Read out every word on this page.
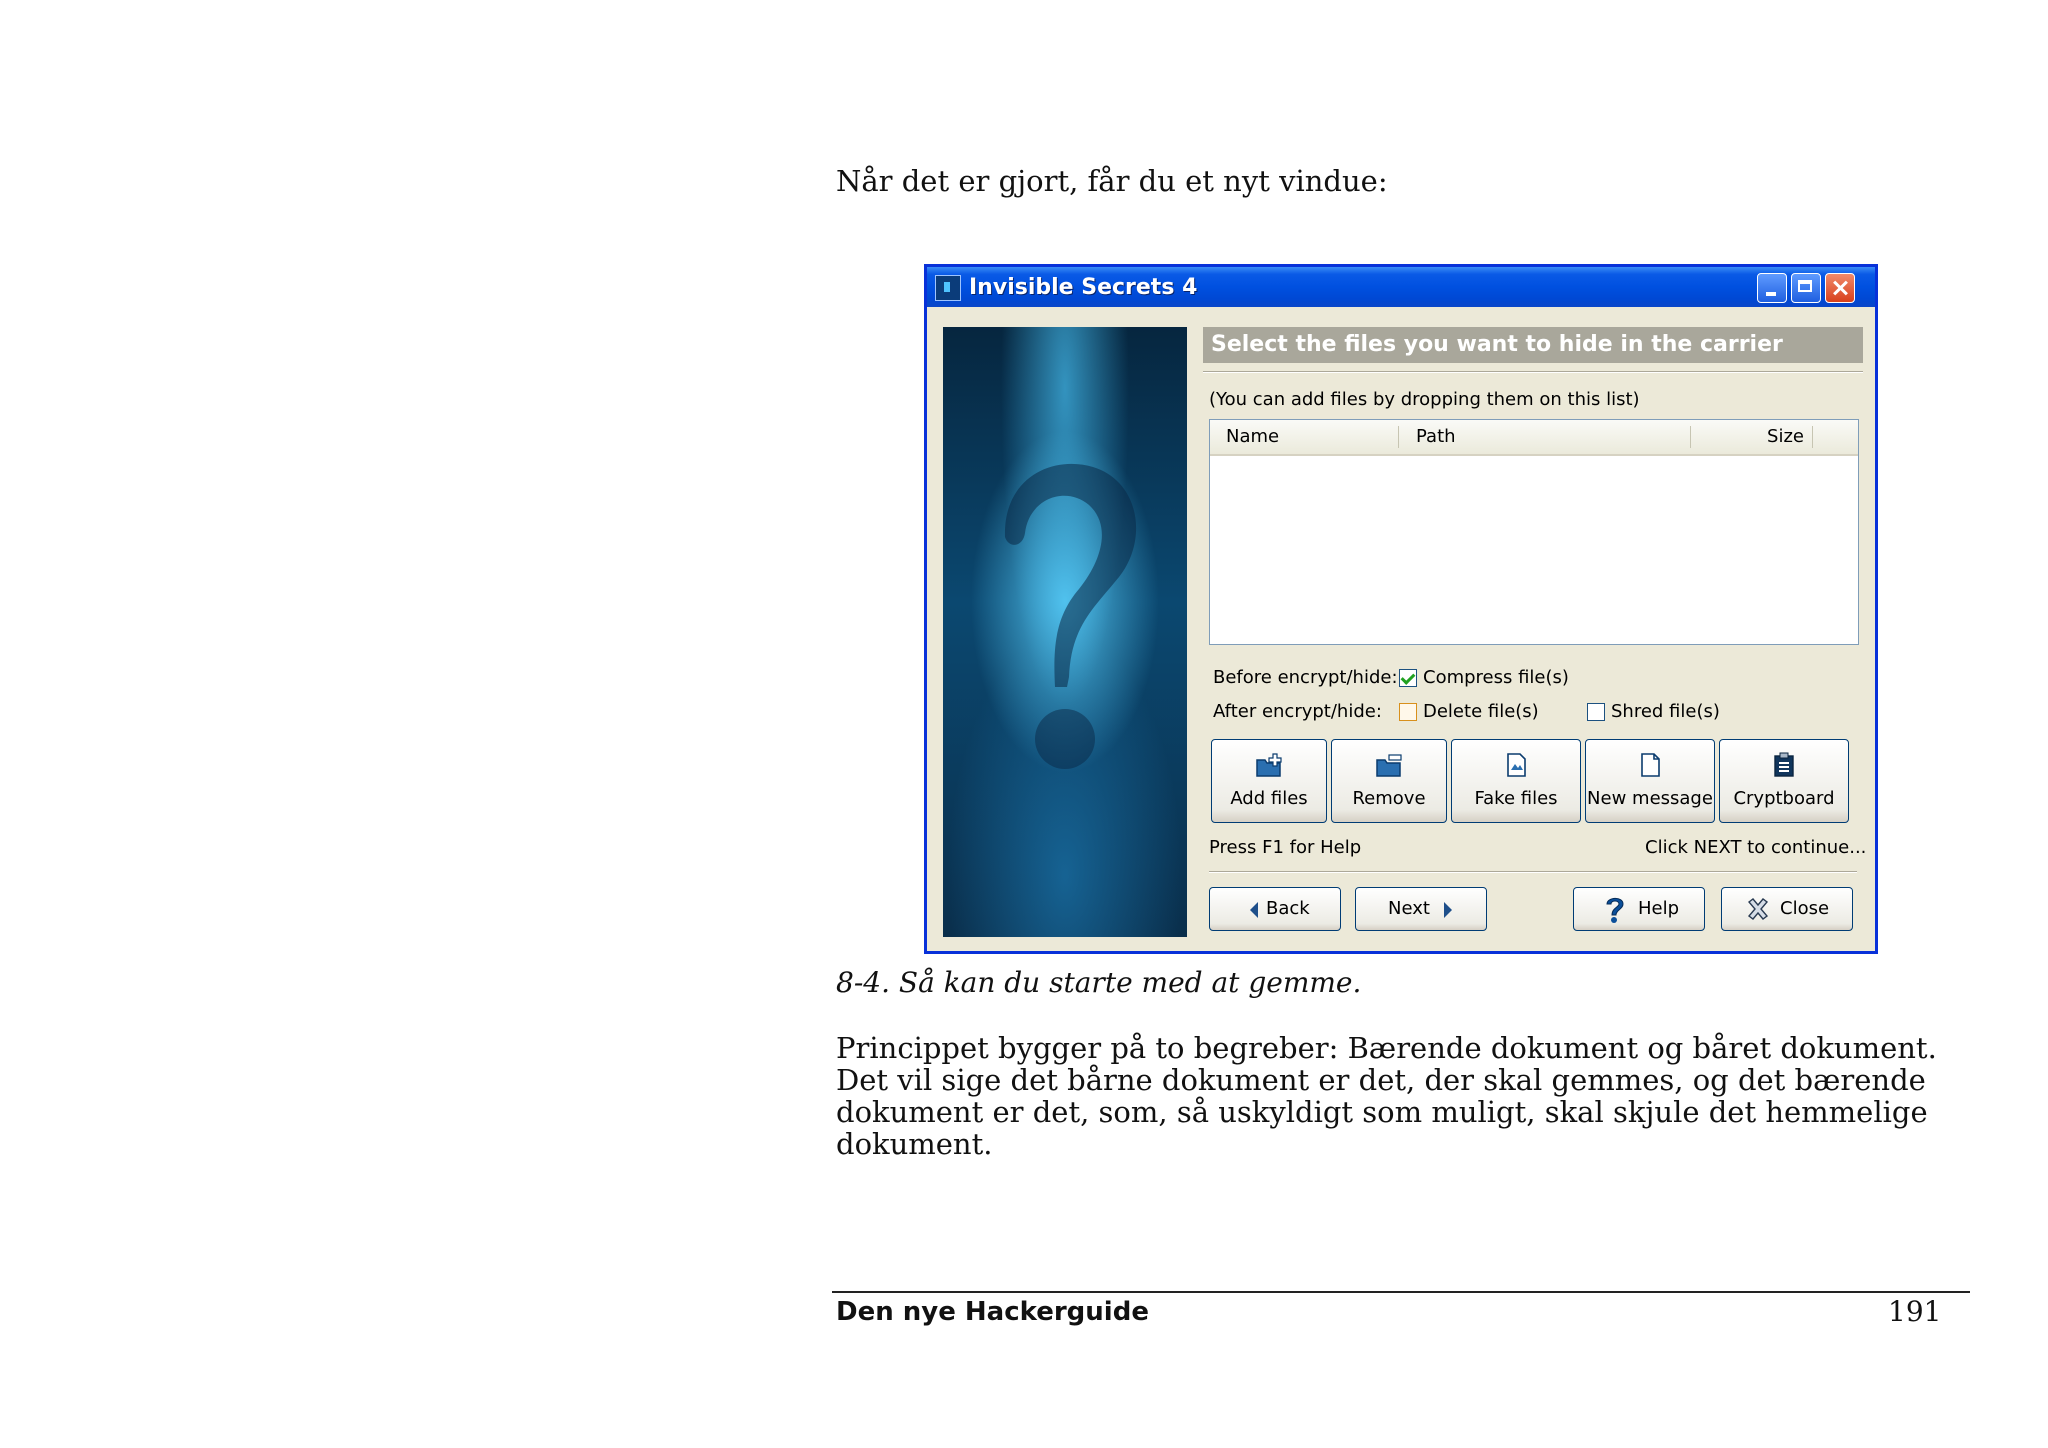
Når det er gjort, får du et nyt vindue:

Invisible Secrets 4
Select the files you want to hide in the carrier
(You can add files by dropping them on this list)
Name	Path	Size
Before encrypt/hide: Compress file(s)
After encrypt/hide: Delete file(s)	Shred file(s)
Add files	Remove	Fake files	New message	Cryptboard
Press F1 for Help	Click NEXT to continue...
Back	Next	Help	Close

8-4. Så kan du starte med at gemme.

Princippet bygger på to begreber: Bærende dokument og båret dokument. Det vil sige det bårne dokument er det, der skal gemmes, og det bærende dokument er det, som, så uskyldigt som muligt, skal skjule det hemmelige dokument.

Den nye Hackerguide	191
